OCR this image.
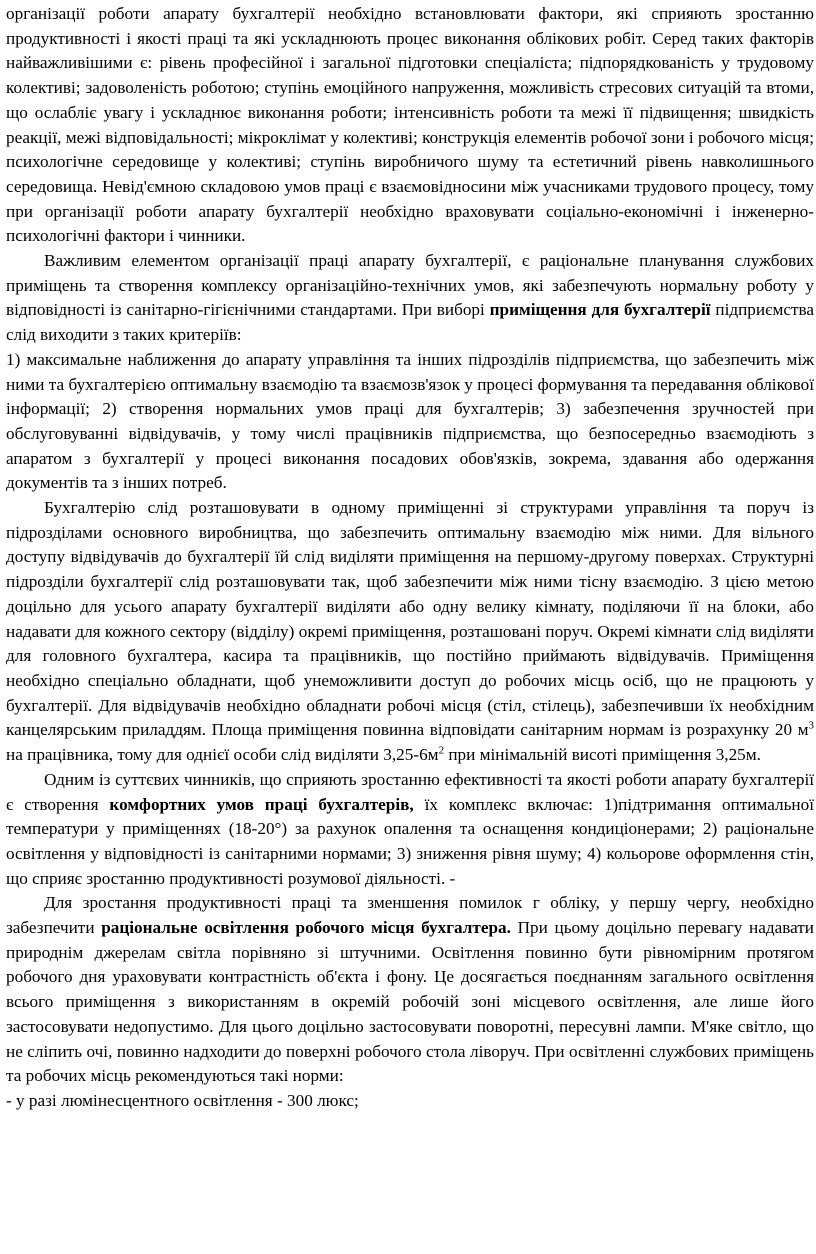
організації роботи апарату бухгалтерії необхідно встановлювати фактори, які сприяють зростанню продуктивності і якості праці та які ускладнюють процес виконання облікових робіт. Серед таких факторів найважливішими є: рівень професійної і загальної підготовки спеціаліста; підпорядкованість у трудовому колективі; задоволеність роботою; ступінь емоційного напруження, можливість стресових ситуацій та втоми, що ослабліє увагу і ускладнює виконання роботи; інтенсивність роботи та межі її підвищення; швидкість реакції, межі відповідальності; мікроклімат у колективі; конструкція елементів робочої зони і робочого місця; психологічне середовище у колективі; ступінь виробничого шуму та естетичний рівень навколишнього середовища. Невід'ємною складовою умов праці є взаємовідносини між учасниками трудового процесу, тому при організації роботи апарату бухгалтерії необхідно враховувати соціально-економічні і інженерно-психологічні фактори і чинники.

Важливим елементом організації праці апарату бухгалтерії, є раціональне планування службових приміщень та створення комплексу організаційно-технічних умов, які забезпечують нормальну роботу у відповідності із санітарно-гігієнічними стандартами. При виборі приміщення для бухгалтерії підприємства слід виходити з таких критеріїв:

1) максимальне наближення до апарату управління та інших підрозділів підприємства, що забезпечить між ними та бухгалтерією оптимальну взаємодію та взаємозв'язок у процесі формування та передавання облікової інформації; 2) створення нормальних умов праці для бухгалтерів; 3) забезпечення зручностей при обслуговуванні відвідувачів, у тому числі працівників підприємства, що безпосередньо взаємодіють з апаратом з бухгалтерії у процесі виконання посадових обов'язків, зокрема, здавання або одержання документів та з інших потреб.

Бухгалтерію слід розташовувати в одному приміщенні зі структурами управління та поруч із підрозділами основного виробництва, що забезпечить оптимальну взаємодію між ними. Для вільного доступу відвідувачів до бухгалтерії їй слід виділяти приміщення на першому-другому поверхах. Структурні підрозділи бухгалтерії слід розташовувати так, щоб забезпечити між ними тісну взаємодію. З цією метою доцільно для усього апарату бухгалтерії виділяти або одну велику кімнату, поділяючи її на блоки, або надавати для кожного сектору (відділу) окремі приміщення, розташовані поруч. Окремі кімнати слід виділяти для головного бухгалтера, касира та працівників, що постійно приймають відвідувачів. Приміщення необхідно спеціально обладнати, щоб унеможливити доступ до робочих місць осіб, що не працюють у бухгалтерії. Для відвідувачів необхідно обладнати робочі місця (стіл, стілець), забезпечивши їх необхідним канцелярським приладдям. Площа приміщення повинна відповідати санітарним нормам із розрахунку 20 $м^3$ на працівника, тому для однієї особи слід виділяти $3,25-6м^2$ при мінімальній висоті приміщення 3,25м.

Одним із суттєвих чинників, що сприяють зростанню ефективності та якості роботи апарату бухгалтерії є створення комфортних умов праці бухгалтерів, їх комплекс включає: 1)підтримання оптимальної температури у приміщеннях (18-20°) за рахунок опалення та оснащення кондиціонерами; 2) раціональне освітлення у відповідності із санітарними нормами; 3) зниження рівня шуму; 4) кольорове оформлення стін, що сприяє зростанню продуктивності розумової діяльності. -

Для зростання продуктивності праці та зменшення помилок г обліку, у першу чергу, необхідно забезпечити раціональне освітлення робочого місця бухгалтера. При цьому доцільно перевагу надавати природнім джерелам світла порівняно зі штучними. Освітлення повинно бути рівномірним протягом робочого дня ураховувати контрастність об'єкта і фону. Це досягається поєднанням загального освітлення всього приміщення з використанням в окремій робочій зоні місцевого освітлення, але лише його застосовувати недопустимо. Для цього доцільно застосовувати поворотні, пересувні лампи. М'яке світло, що не сліпить очі, повинно надходити до поверхні робочого стола ліворуч. При освітленні службових приміщень та робочих місць рекомендуються такі норми:

- у разі люмінесцентного освітлення - 300 люкс;
